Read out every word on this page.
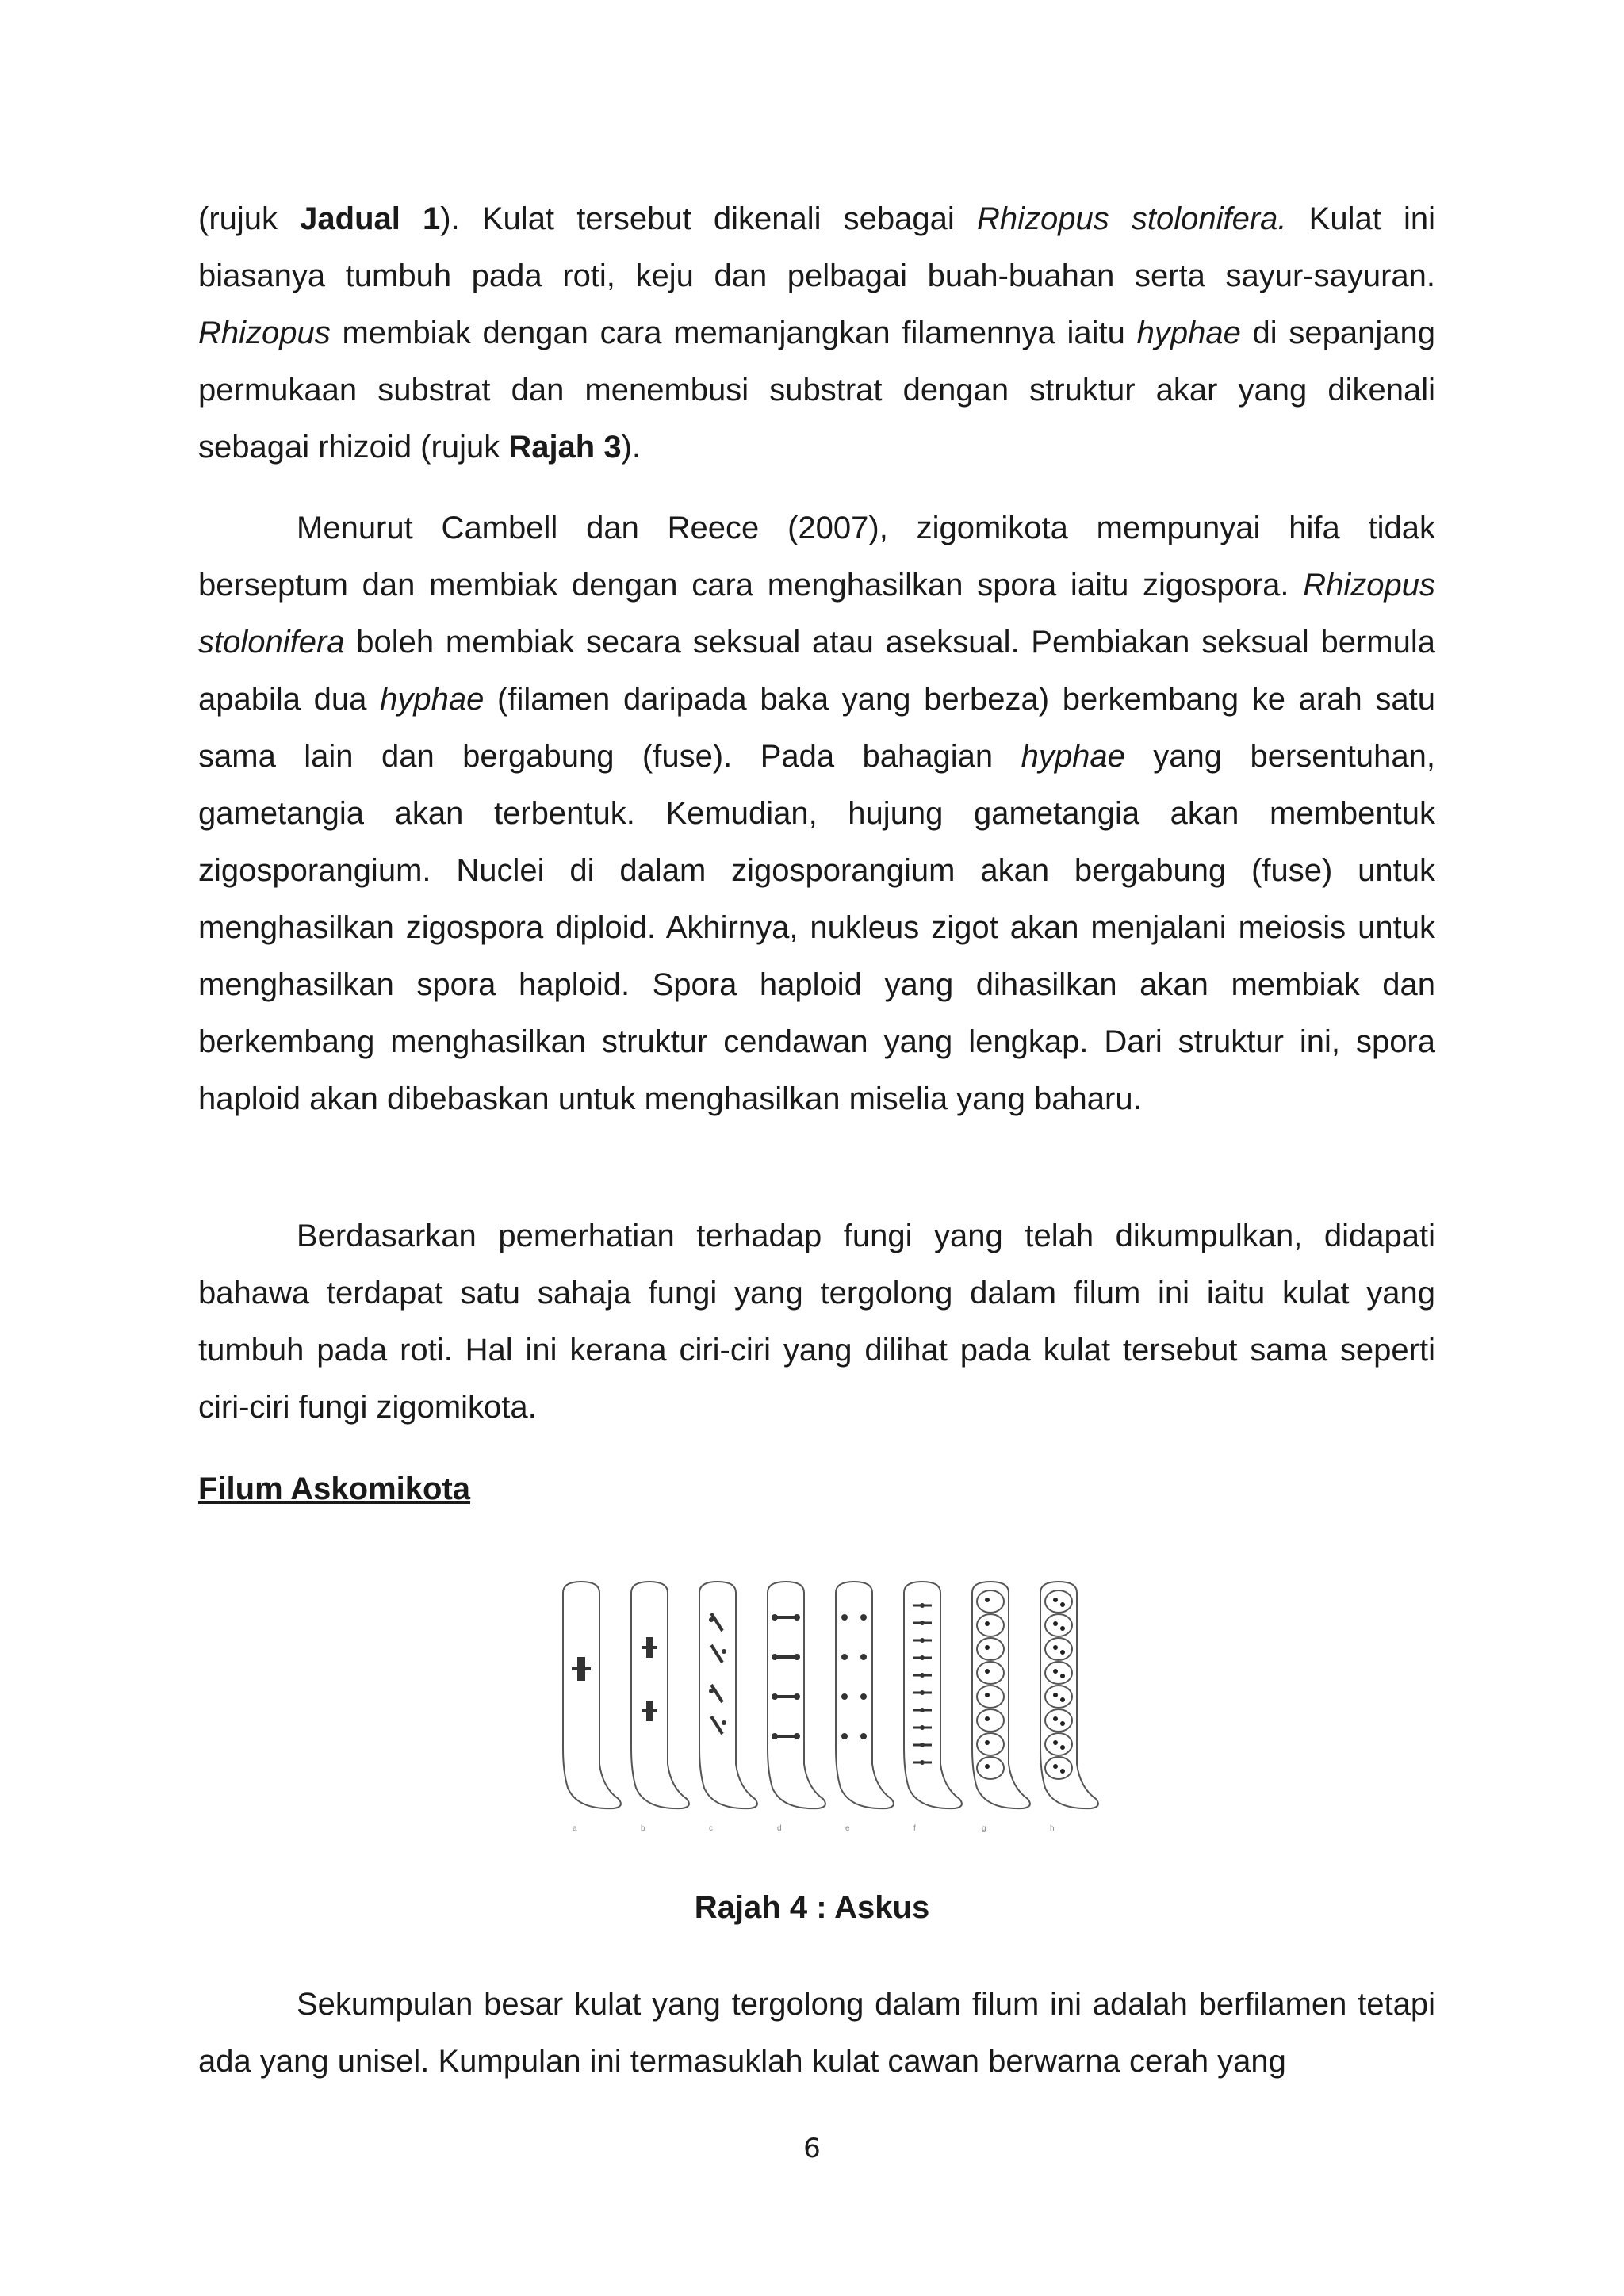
(rujuk Jadual 1). Kulat tersebut dikenali sebagai Rhizopus stolonifera. Kulat ini biasanya tumbuh pada roti, keju dan pelbagai buah-buahan serta sayur-sayuran. Rhizopus membiak dengan cara memanjangkan filamennya iaitu hyphae di sepanjang permukaan substrat dan menembusi substrat dengan struktur akar yang dikenali sebagai rhizoid (rujuk Rajah 3).

Menurut Cambell dan Reece (2007), zigomikota mempunyai hifa tidak berseptum dan membiak dengan cara menghasilkan spora iaitu zigospora. Rhizopus stolonifera boleh membiak secara seksual atau aseksual. Pembiakan seksual bermula apabila dua hyphae (filamen daripada baka yang berbeza) berkembang ke arah satu sama lain dan bergabung (fuse). Pada bahagian hyphae yang bersentuhan, gametangia akan terbentuk. Kemudian, hujung gametangia akan membentuk zigosporangium. Nuclei di dalam zigosporangium akan bergabung (fuse) untuk menghasilkan zigospora diploid. Akhirnya, nukleus zigot akan menjalani meiosis untuk menghasilkan spora haploid. Spora haploid yang dihasilkan akan membiak dan berkembang menghasilkan struktur cendawan yang lengkap. Dari struktur ini, spora haploid akan dibebaskan untuk menghasilkan miselia yang baharu.

Berdasarkan pemerhatian terhadap fungi yang telah dikumpulkan, didapati bahawa terdapat satu sahaja fungi yang tergolong dalam filum ini iaitu kulat yang tumbuh pada roti. Hal ini kerana ciri-ciri yang dilihat pada kulat tersebut sama seperti ciri-ciri fungi zigomikota.

Filum Askomikota

a	b	c	d	e	f	g	h

Rajah 4 : Askus

Sekumpulan besar kulat yang tergolong dalam filum ini adalah berfilamen tetapi ada yang unisel. Kumpulan ini termasuklah kulat cawan berwarna cerah yang

6
